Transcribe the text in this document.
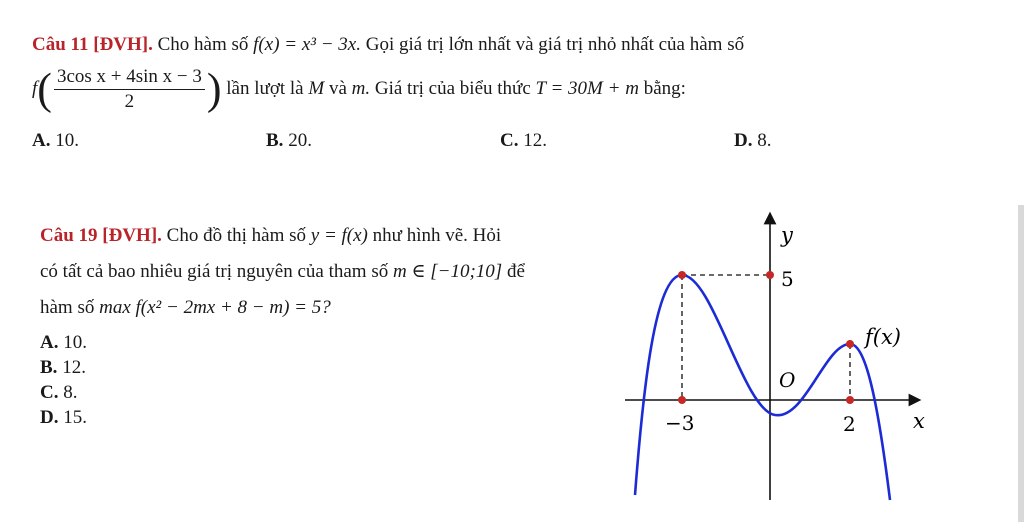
Câu 11 [ĐVH]. Cho hàm số f(x) = x³ − 3x. Gọi giá trị lớn nhất và giá trị nhỏ nhất của hàm số
$f( \frac{\text{3cos x + 4sin x − 3}}{2}$ ) lần lượt là M và m. Giá trị của biểu thức T = 30M + m bằng:
A. 10.	B. 20.	C. 12.	D. 8.
Câu 19 [ĐVH]. Cho đồ thị hàm số y = f(x) như hình vẽ. Hỏi
có tất cả bao nhiêu giá trị nguyên của tham số m ∈ [−10;10] để
hàm số max f(x² − 2mx + 8 − m) = 5?
A. 10.
B. 12.
C. 8.
D. 15.
y
x
O
f(x)
5
−3	2
